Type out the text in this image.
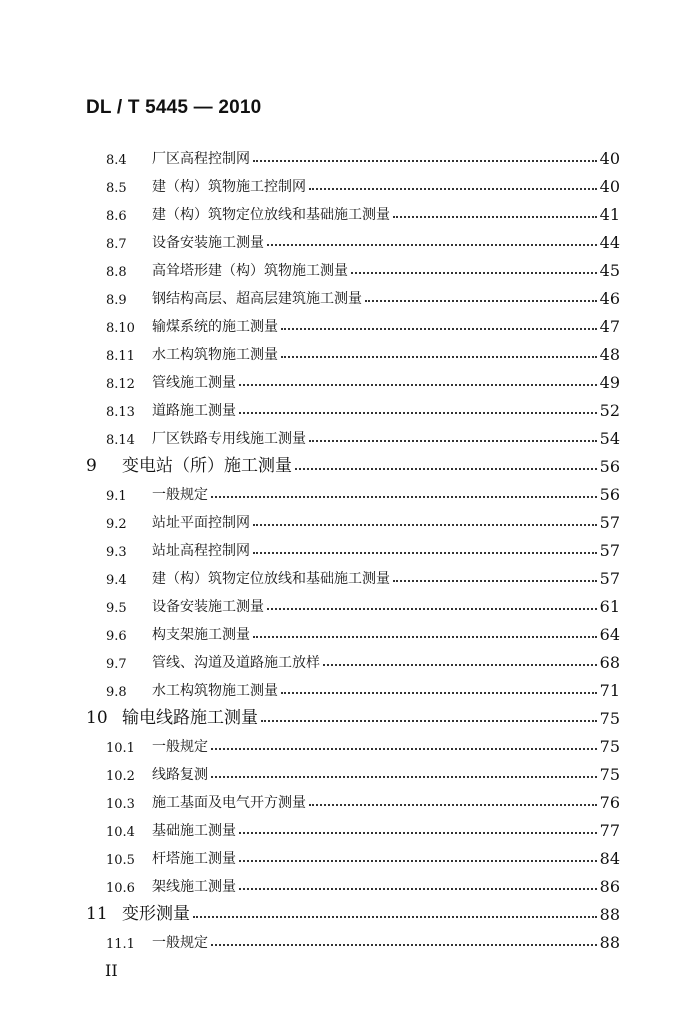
DL / T 5445 — 2010
8.4	厂区高程控制网	40
8.5	建（构）筑物施工控制网	40
8.6	建（构）筑物定位放线和基础施工测量	41
8.7	设备安装施工测量	44
8.8	高耸塔形建（构）筑物施工测量	45
8.9	钢结构高层、超高层建筑施工测量	46
8.10	输煤系统的施工测量	47
8.11	水工构筑物施工测量	48
8.12	管线施工测量	49
8.13	道路施工测量	52
8.14	厂区铁路专用线施工测量	54
9	变电站（所）施工测量	56
9.1	一般规定	56
9.2	站址平面控制网	57
9.3	站址高程控制网	57
9.4	建（构）筑物定位放线和基础施工测量	57
9.5	设备安装施工测量	61
9.6	构支架施工测量	64
9.7	管线、沟道及道路施工放样	68
9.8	水工构筑物施工测量	71
10 输电线路施工测量	75
10.1	一般规定	75
10.2	线路复测	75
10.3	施工基面及电气开方测量	76
10.4	基础施工测量	77
10.5	杆塔施工测量	84
10.6	架线施工测量	86
11 变形测量	88
11.1	一般规定	88
II
